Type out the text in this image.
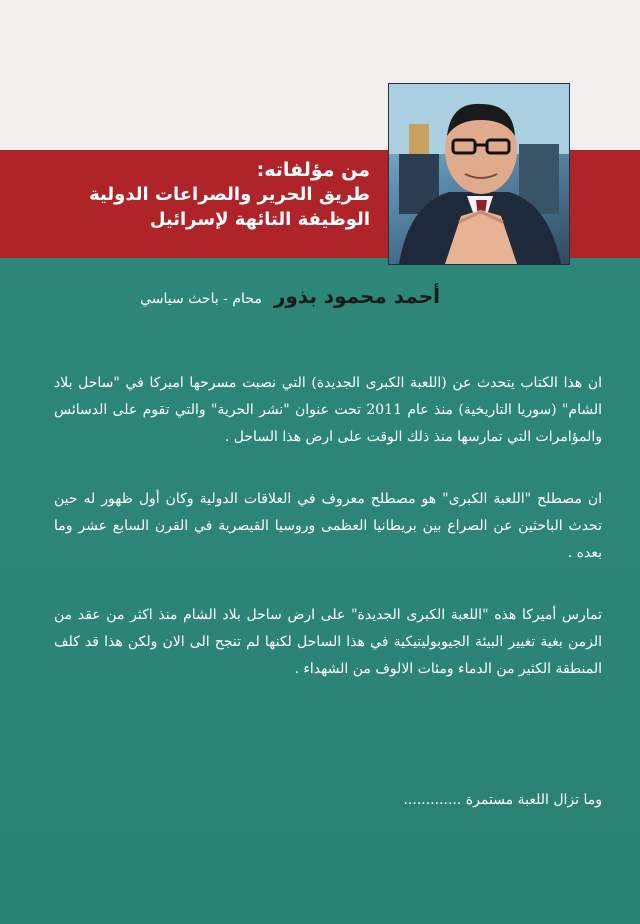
من مؤلفاته:
طريق الحرير والصراعات الدولية
الوظيفة التائهة لإسرائيل
أحمد محمود بذور
محام - باحث سياسي

ان هذا الكتاب يتحدث عن (اللعبة الكبرى الجديدة) التي نصبت مسرحها اميركا في "ساحل بلاد الشام" (سوريا التاريخية) منذ عام 2011 تحت عنوان "نشر الحرية" والتي تقوم على الدسائس والمؤامرات التي تمارسها منذ ذلك الوقت على ارض هذا الساحل .

ان مصطلح "اللعبة الكبرى" هو مصطلح معروف في العلاقات الدولية وكان أول ظهور له حين تحدث الباحثين عن الصراع بين بريطانيا العظمى وروسيا القيصرية في القرن السابع عشر وما بعده .

تمارس أميركا هذه "اللعبة الكبرى الجديدة" على ارض ساحل بلاد الشام منذ اكثر من عقد من الزمن بغية تغيير البيئة الجيوبوليتيكية في هذا الساحل لكنها لم تنجح الى الان ولكن هذا قد كلف المنطقة الكثير من الدماء ومئات الالوف من الشهداء .

وما تزال اللعبة مستمرة .............
